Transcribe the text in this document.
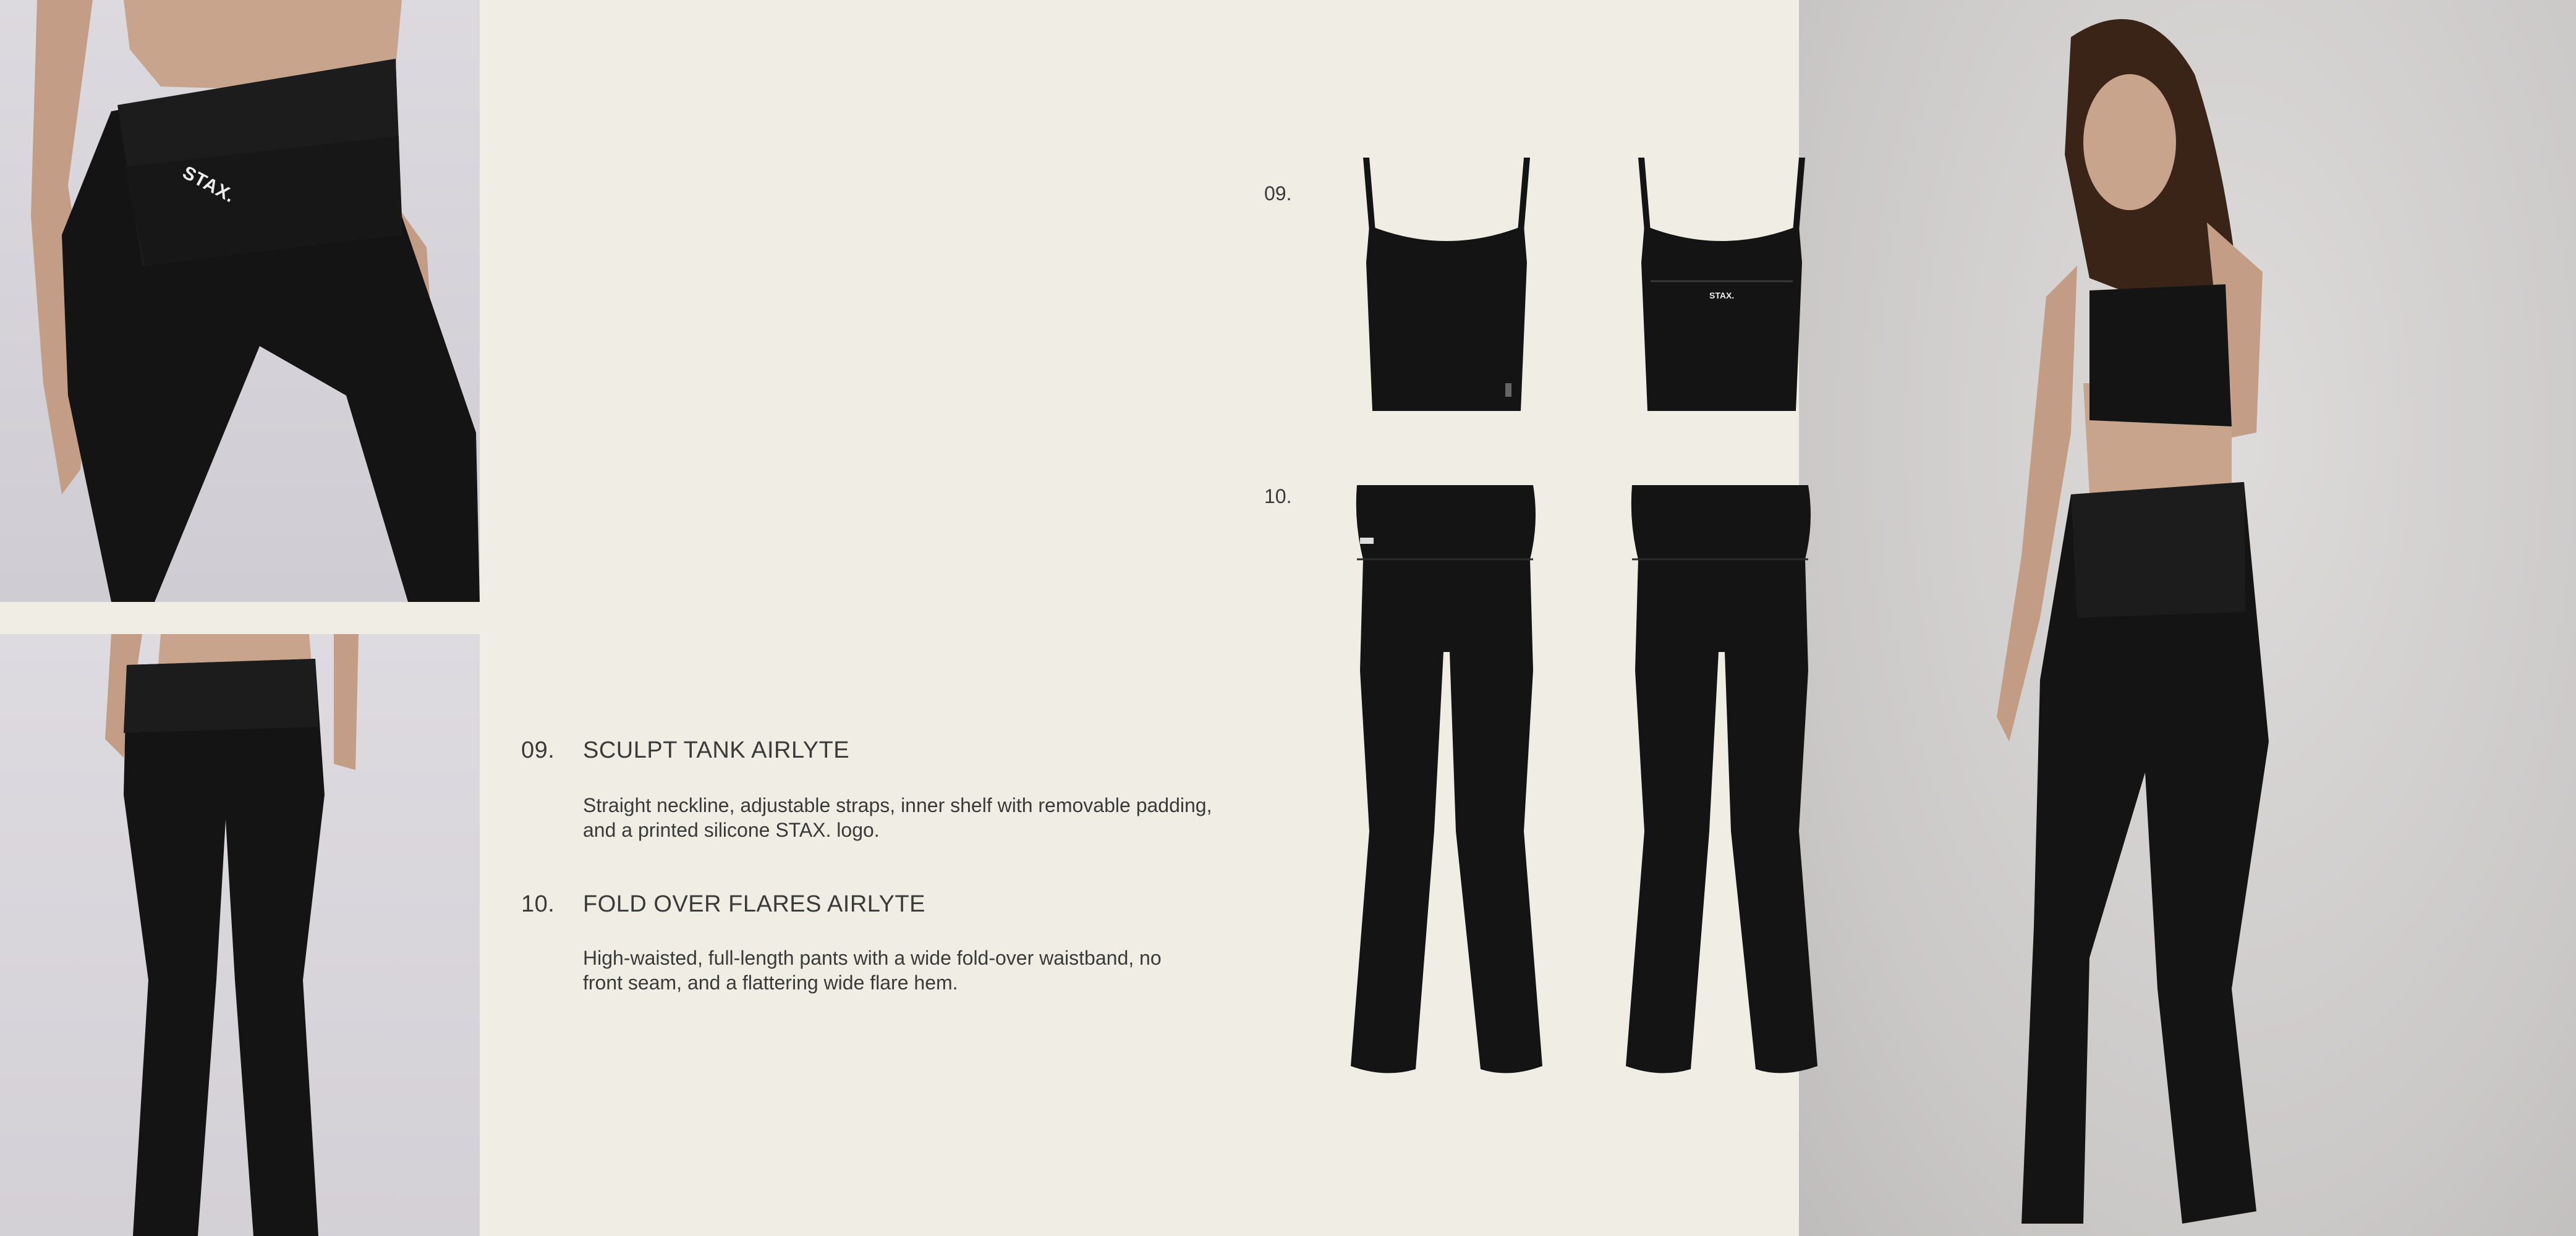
STAX.
09. SCULPT TANK AIRLYTE
Straight neckline, adjustable straps, inner shelf with removable padding,
and a printed silicone STAX. logo.
10. FOLD OVER FLARES AIRLYTE
High-waisted, full-length pants with a wide fold-over waistband, no
front seam, and a flattering wide flare hem.
09.
10.
STAX.
